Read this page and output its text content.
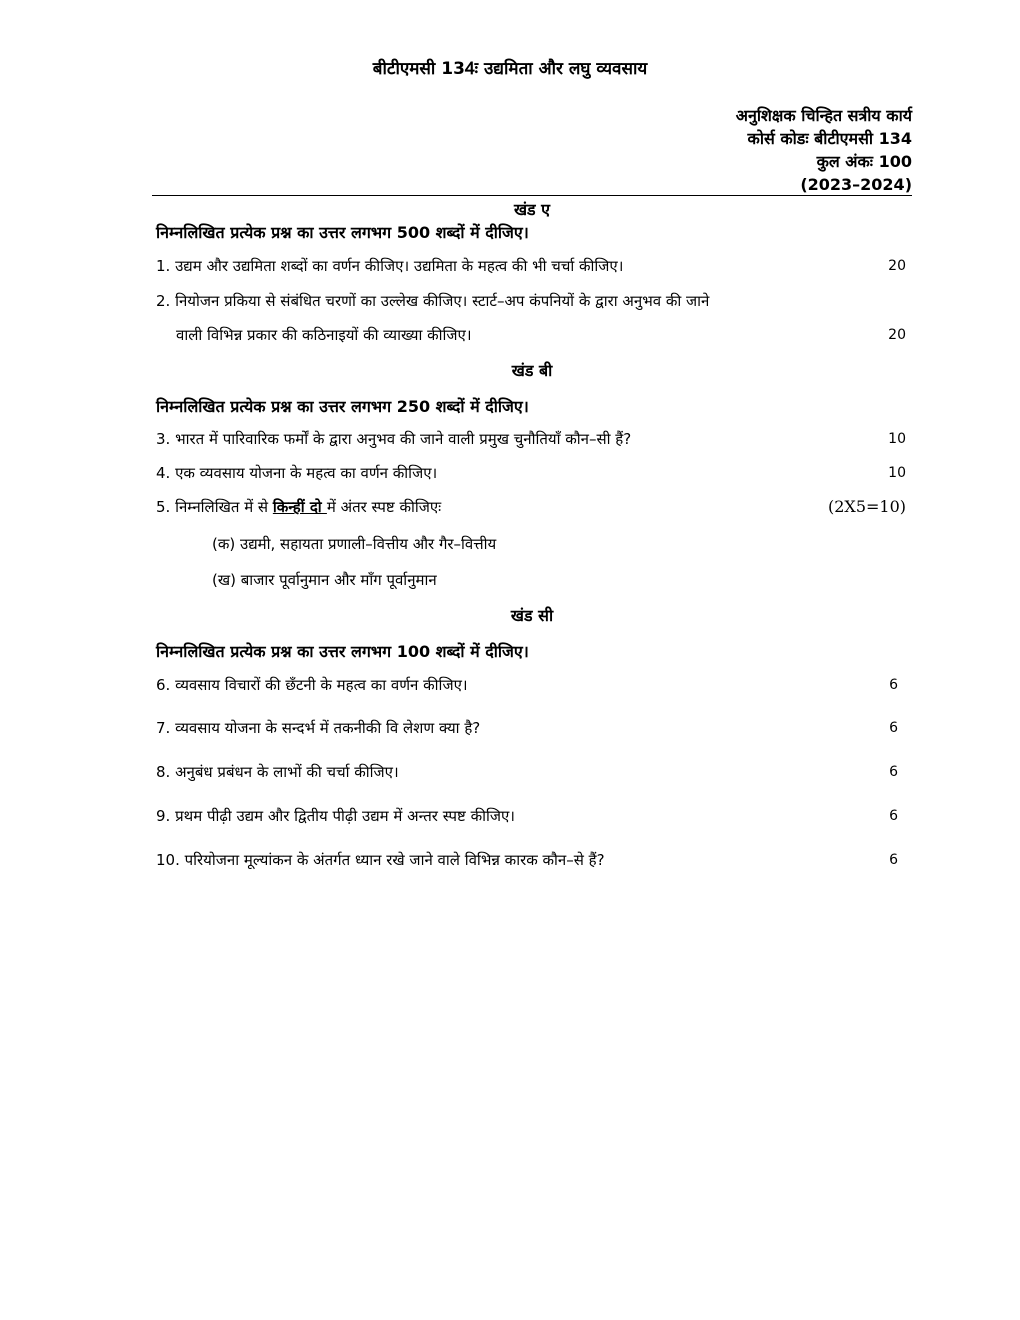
बीटीएमसी 134ः उद्यमिता और लघु व्यवसाय
अनुशिक्षक चिन्हित सत्रीय कार्य
कोर्स कोडः बीटीएमसी 134
कुल अंकः 100
(2023–2024)
खंड ए
निम्नलिखित प्रत्येक प्रश्न का उत्तर लगभग 500 शब्दों में दीजिए।
1. उद्यम और उद्यमिता शब्दों का वर्णन कीजिए। उद्यमिता के महत्व की भी चर्चा कीजिए।	20
2. नियोजन प्रकिया से संबंधित चरणों का उल्लेख कीजिए। स्टार्ट–अप कंपनियों के द्वारा अनुभव की जाने
वाली विभिन्न प्रकार की कठिनाइयों की व्याख्या कीजिए।	20
खंड बी
निम्नलिखित प्रत्येक प्रश्न का उत्तर लगभग 250 शब्दों में दीजिए।
3. भारत में पारिवारिक फर्मों के द्वारा अनुभव की जाने वाली प्रमुख चुनौतियाँ कौन–सी हैं?	10
4. एक व्यवसाय योजना के महत्व का वर्णन कीजिए।	10
5. निम्नलिखित में से किन्हीं दो में अंतर स्पष्ट कीजिएः	(2X5=10)
(क) उद्यमी, सहायता प्रणाली–वित्तीय और गैर–वित्तीय
(ख) बाजार पूर्वानुमान और माँग पूर्वानुमान
खंड सी
निम्नलिखित प्रत्येक प्रश्न का उत्तर लगभग 100 शब्दों में दीजिए।
6. व्यवसाय विचारों की छँटनी के महत्व का वर्णन कीजिए।	6
7. व्यवसाय योजना के सन्दर्भ में तकनीकी वि लेशण क्या है?	6
8. अनुबंध प्रबंधन के लाभों की चर्चा कीजिए।	6
9. प्रथम पीढ़ी उद्यम और द्वितीय पीढ़ी उद्यम में अन्तर स्पष्ट कीजिए।	6
10. परियोजना मूल्यांकन के अंतर्गत ध्यान रखे जाने वाले विभिन्न कारक कौन–से हैं?	6
